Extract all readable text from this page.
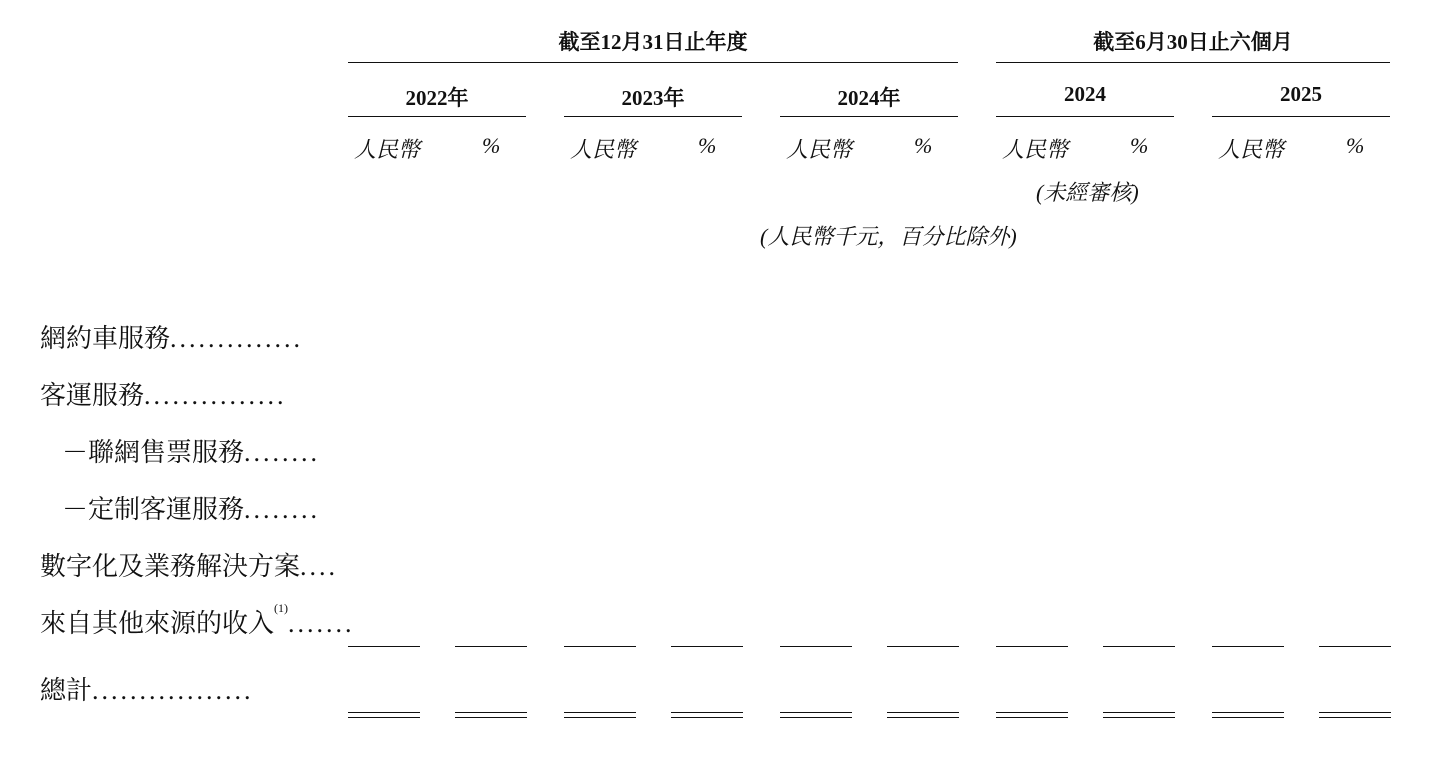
截至12月31日止年度	截至6月30日止六個月
2022年	2023年	2024年	2024	2025
人民幣	%	人民幣	%	人民幣	%	人民幣	%	人民幣	%
(未經審核)
(人民幣千元，百分比除外)
網約車服務..............
客運服務...............
－聯網售票服務........
－定制客運服務........
數字化及業務解決方案....
來自其他來源的收入$^{(1)}$.......
總計.................
